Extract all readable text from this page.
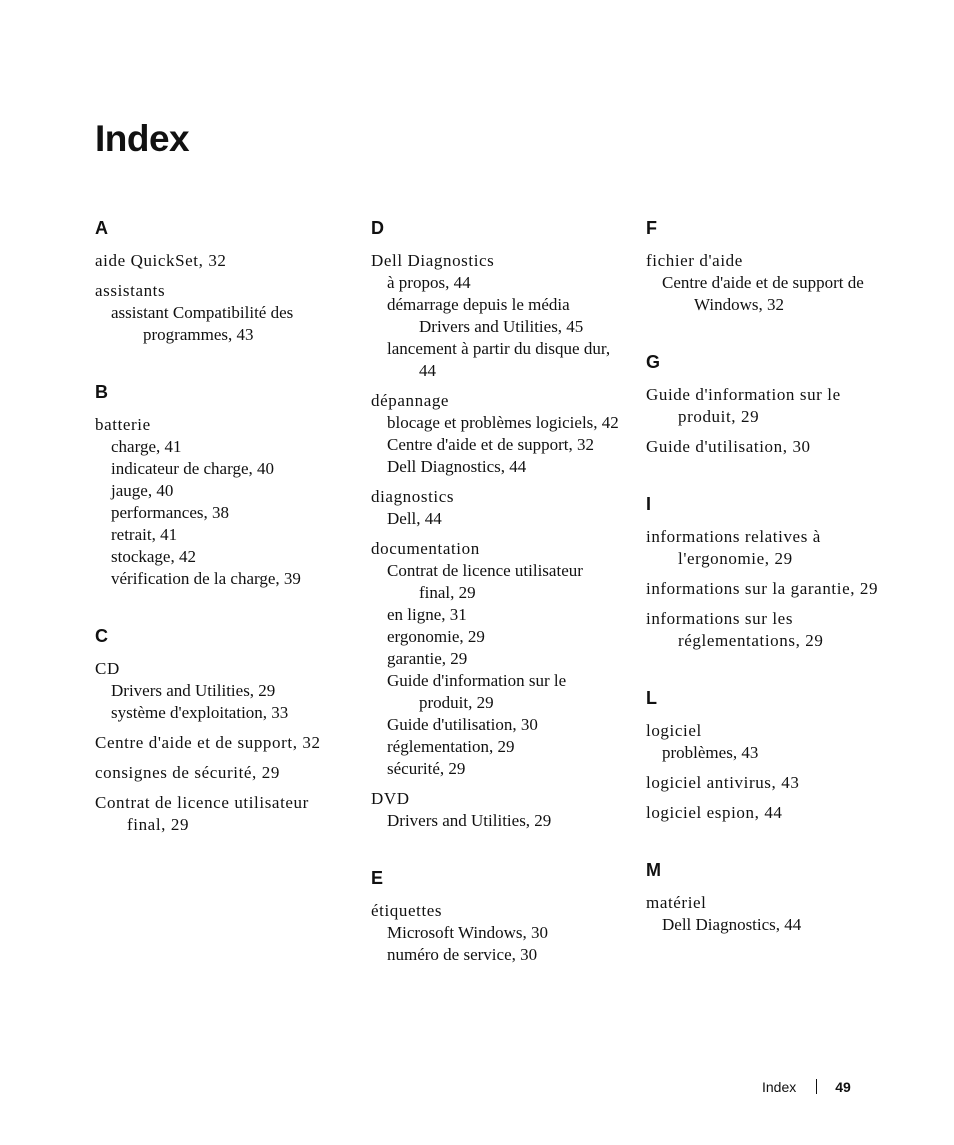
Index
A
aide QuickSet, 32
assistants
assistant Compatibilité des programmes, 43
B
batterie
charge, 41
indicateur de charge, 40
jauge, 40
performances, 38
retrait, 41
stockage, 42
vérification de la charge, 39
C
CD
Drivers and Utilities, 29
système d'exploitation, 33
Centre d'aide et de support, 32
consignes de sécurité, 29
Contrat de licence utilisateur final, 29
D
Dell Diagnostics
à propos, 44
démarrage depuis le média Drivers and Utilities, 45
lancement à partir du disque dur, 44
dépannage
blocage et problèmes logiciels, 42
Centre d'aide et de support, 32
Dell Diagnostics, 44
diagnostics
Dell, 44
documentation
Contrat de licence utilisateur final, 29
en ligne, 31
ergonomie, 29
garantie, 29
Guide d'information sur le produit, 29
Guide d'utilisation, 30
réglementation, 29
sécurité, 29
DVD
Drivers and Utilities, 29
E
étiquettes
Microsoft Windows, 30
numéro de service, 30
F
fichier d'aide
Centre d'aide et de support de Windows, 32
G
Guide d'information sur le produit, 29
Guide d'utilisation, 30
I
informations relatives à l'ergonomie, 29
informations sur la garantie, 29
informations sur les réglementations, 29
L
logiciel
problèmes, 43
logiciel antivirus, 43
logiciel espion, 44
M
matériel
Dell Diagnostics, 44
Index	49
